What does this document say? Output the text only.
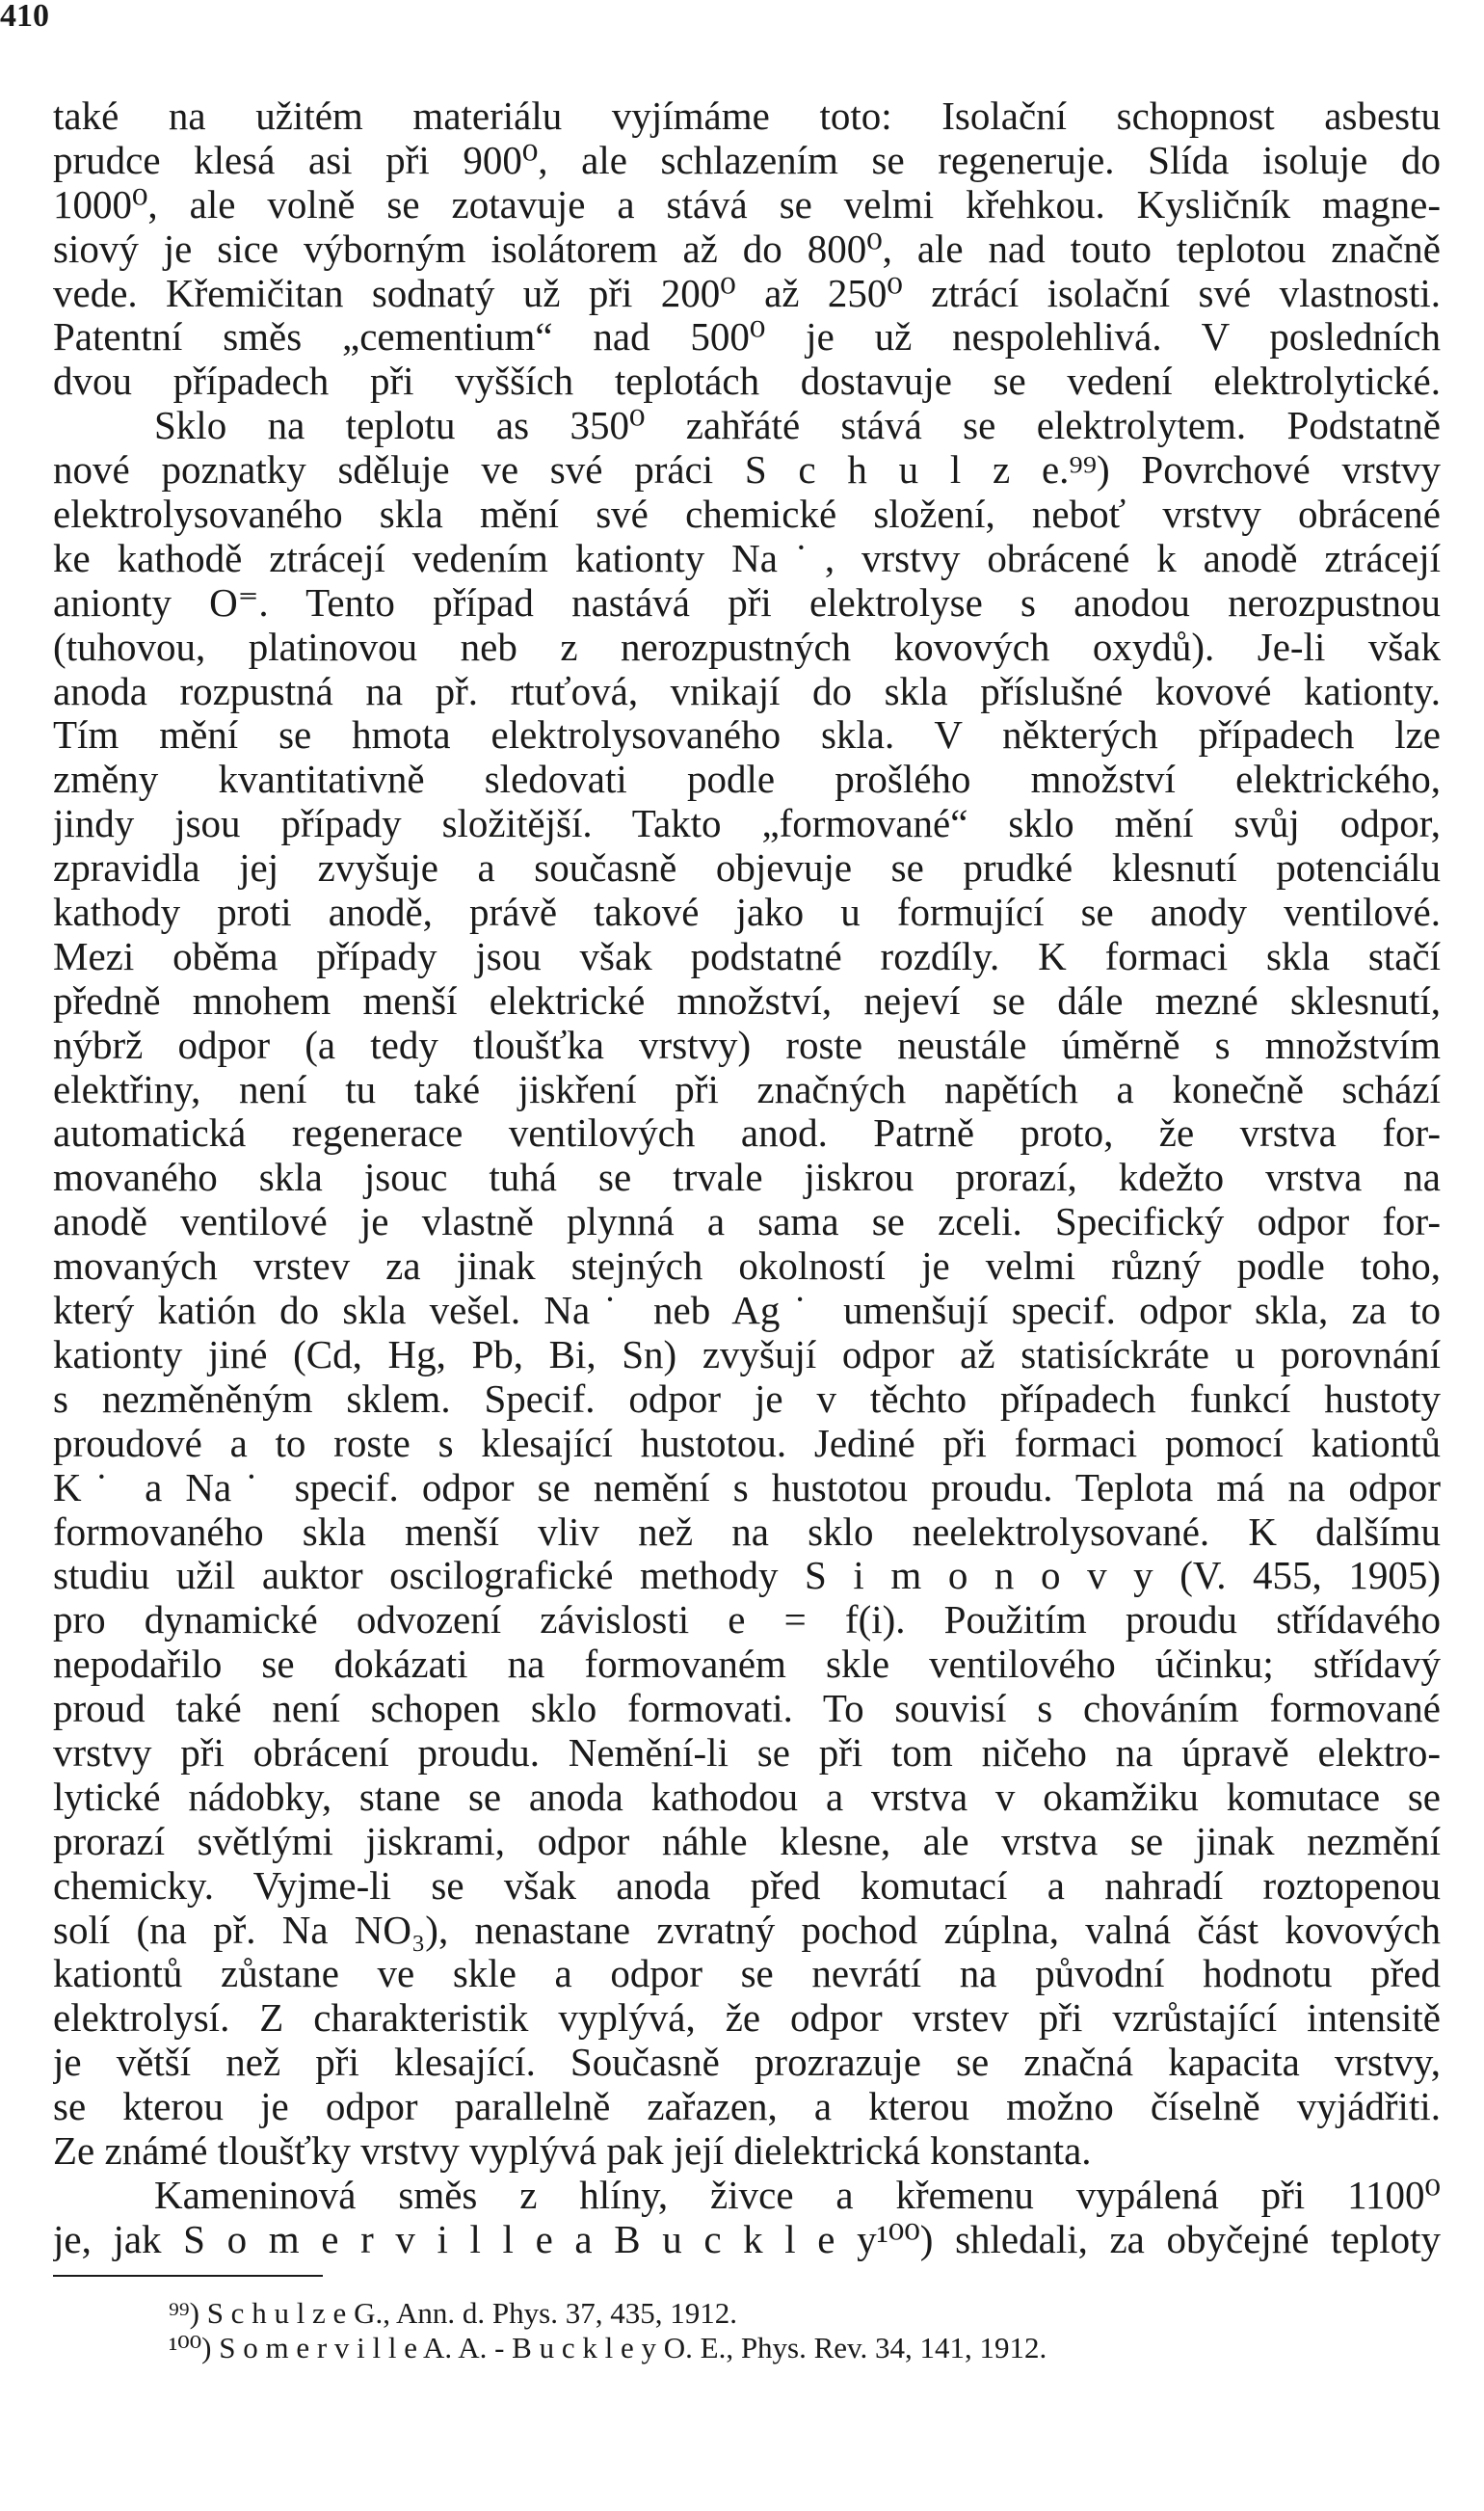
410
také na užitém materiálu vyjímáme toto: Isolační schopnost asbestu
prudce klesá asi při 900⁰, ale schlazením se regeneruje. Slída isoluje do
1000⁰, ale volně se zotavuje a stává se velmi křehkou. Kysličník magne-
siový je sice výborným isolátorem až do 800⁰, ale nad touto teplotou značně
vede. Křemičitan sodnatý už při 200⁰ až 250⁰ ztrácí isolační své vlastnosti.
Patentní směs „cementium“ nad 500⁰ je už nespolehlivá. V posledních
dvou případech při vyšších teplotách dostavuje se vedení elektrolytické.
Sklo na teplotu as 350⁰ zahřáté stává se elektrolytem. Podstatně
nové poznatky sděluje ve své práci S c h u l z e.⁹⁹) Povrchové vrstvy
elektrolysovaného skla mění své chemické složení, neboť vrstvy obrácené
ke kathodě ztrácejí vedením kationty Na˙, vrstvy obrácené k anodě ztrácejí
anionty O⁼. Tento případ nastává při elektrolyse s anodou nerozpustnou
(tuhovou, platinovou neb z nerozpustných kovových oxydů). Je-li však
anoda rozpustná na př. rtuťová, vnikají do skla příslušné kovové kationty.
Tím mění se hmota elektrolysovaného skla. V některých případech lze
změny kvantitativně sledovati podle prošlého množství elektrického,
jindy jsou případy složitější. Takto „formované“ sklo mění svůj odpor,
zpravidla jej zvyšuje a současně objevuje se prudké klesnutí potenciálu
kathody proti anodě, právě takové jako u formující se anody ventilové.
Mezi oběma případy jsou však podstatné rozdíly. K formaci skla stačí
předně mnohem menší elektrické množství, nejeví se dále mezné sklesnutí,
nýbrž odpor (a tedy tloušťka vrstvy) roste neustále úměrně s množstvím
elektřiny, není tu také jiskření při značných napětích a konečně schází
automatická regenerace ventilových anod. Patrně proto, že vrstva for-
movaného skla jsouc tuhá se trvale jiskrou prorazí, kdežto vrstva na
anodě ventilové je vlastně plynná a sama se zceli. Specifický odpor for-
movaných vrstev za jinak stejných okolností je velmi různý podle toho,
který katión do skla vešel. Na˙ neb Ag˙ umenšují specif. odpor skla, za to
kationty jiné (Cd, Hg, Pb, Bi, Sn) zvyšují odpor až statisíckráte u porovnání
s nezměněným sklem. Specif. odpor je v těchto případech funkcí hustoty
proudové a to roste s klesající hustotou. Jediné při formaci pomocí kationtů
K˙ a Na˙ specif. odpor se nemění s hustotou proudu. Teplota má na odpor
formovaného skla menší vliv než na sklo neelektrolysované. K dalšímu
studiu užil auktor oscilografické methody S i m o n o v y (V. 455, 1905)
pro dynamické odvození závislosti e = f(i). Použitím proudu střídavého
nepodařilo se dokázati na formovaném skle ventilového účinku; střídavý
proud také není schopen sklo formovati. To souvisí s chováním formované
vrstvy při obrácení proudu. Nemění-li se při tom ničeho na úpravě elektro-
lytické nádobky, stane se anoda kathodou a vrstva v okamžiku komutace se
prorazí světlými jiskrami, odpor náhle klesne, ale vrstva se jinak nezmění
chemicky. Vyjme-li se však anoda před komutací a nahradí roztopenou
solí (na př. Na NO₃), nenastane zvratný pochod zúplna, valná část kovových
kationtů zůstane ve skle a odpor se nevrátí na původní hodnotu před
elektrolysí. Z charakteristik vyplývá, že odpor vrstev při vzrůstající intensitě
je větší než při klesající. Současně prozrazuje se značná kapacita vrstvy,
se kterou je odpor parallelně zařazen, a kterou možno číselně vyjádřiti.
Ze známé tloušťky vrstvy vyplývá pak její dielektrická konstanta.
Kameninová směs z hlíny, živce a křemenu vypálená při 1100⁰
je, jak S o m e r v i l l e a B u c k l e y¹⁰⁰) shledali, za obyčejné teploty
⁹⁹) S c h u l z e G., Ann. d. Phys. 37, 435, 1912.
¹⁰⁰) S o m e r v i l l e A. A. - B u c k l e y O. E., Phys. Rev. 34, 141, 1912.
